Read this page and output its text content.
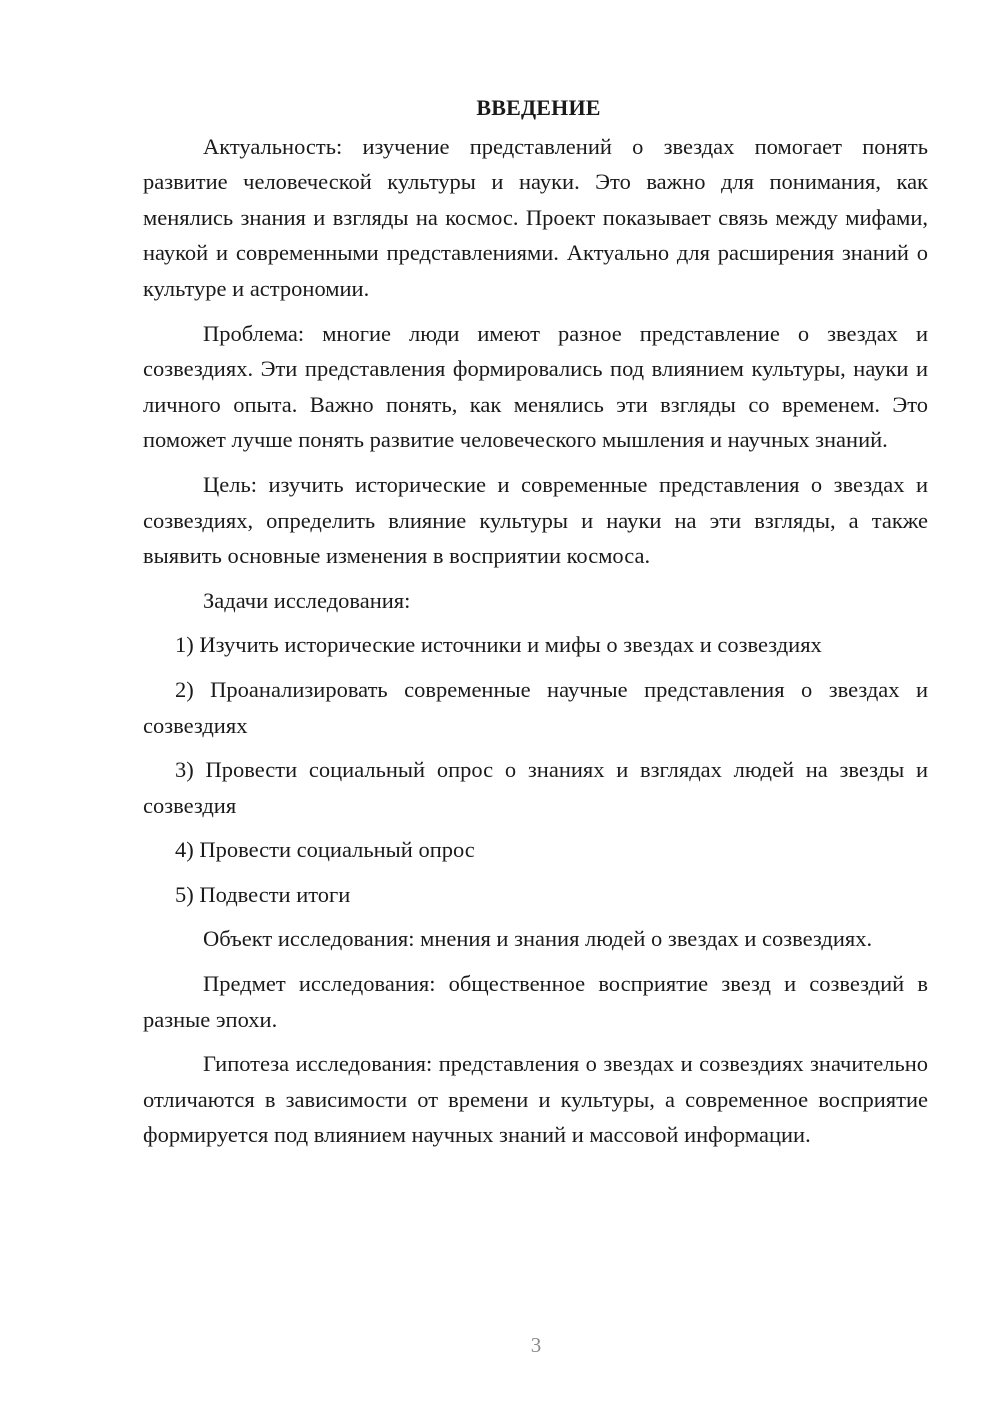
ВВЕДЕНИЕ

Актуальность: изучение представлений о звездах помогает понять развитие человеческой культуры и науки. Это важно для понимания, как менялись знания и взгляды на космос. Проект показывает связь между мифами, наукой и современными представлениями. Актуально для расширения знаний о культуре и астрономии.

Проблема: многие люди имеют разное представление о звездах и созвездиях. Эти представления формировались под влиянием культуры, науки и личного опыта. Важно понять, как менялись эти взгляды со временем. Это поможет лучше понять развитие человеческого мышления и научных знаний.

Цель: изучить исторические и современные представления о звездах и созвездиях, определить влияние культуры и науки на эти взгляды, а также выявить основные изменения в восприятии космоса.

Задачи исследования:

1) Изучить исторические источники и мифы о звездах и созвездиях

2) Проанализировать современные научные представления о звездах и созвездиях

3) Провести социальный опрос о знаниях и взглядах людей на звезды и созвездия

4) Провести социальный опрос

5) Подвести итоги

Объект исследования: мнения и знания людей о звездах и созвездиях.

Предмет исследования: общественное восприятие звезд и созвездий в разные эпохи.

Гипотеза исследования: представления о звездах и созвездиях значительно отличаются в зависимости от времени и культуры, а современное восприятие формируется под влиянием научных знаний и массовой информации.

3
